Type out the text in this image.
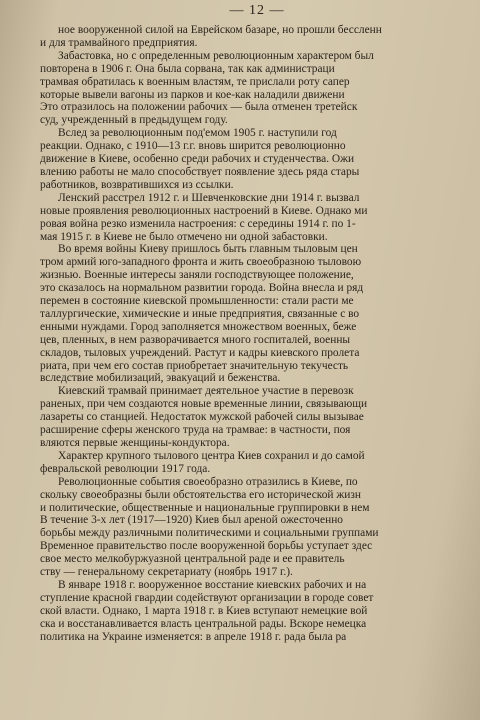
— 12 —
ное вооруженной силой на Еврейском базаре, но прошли бессленн
и для трамвайного предприятия.
Забастовка, но с определенным революционным характером был
повторена в 1906 г. Она была сорвана, так как администраци
трамвая обратилась к военным властям, те прислали роту сапер
которые вывели вагоны из парков и кое-как наладили движени
Это отразилось на положении рабочих — была отменен третейск
суд, учрежденный в предыдущем году.
Вслед за революционным под'емом 1905 г. наступили год
реакции. Однако, с 1910—13 г.г. вновь ширится революционно
движение в Киеве, особенно среди рабочих и студенчества. Ожи
влению работы не мало способствует появление здесь ряда стары
работников, возвратившихся из ссылки.
Ленский расстрел 1912 г. и Шевченковские дни 1914 г. вызвал
новые проявления революционных настроений в Киеве. Однако ми
ровая война резко изменила настроения: с середины 1914 г. по 1-
мая 1915 г. в Киеве не было отмечено ни одной забастовки.
Во время войны Киеву пришлось быть главным тыловым цен
тром армий юго-западного фронта и жить своеобразною тыловою
жизнью. Военные интересы заняли господствующее положение,
это сказалось на нормальном развитии города. Война внесла и ряд
перемен в состояние киевской промышленности: стали расти ме
таллургические, химические и иные предприятия, связанные с во
енными нуждами. Город заполняется множеством военных, беже
цев, пленных, в нем разворачивается много госпиталей, военны
складов, тыловых учреждений. Растут и кадры киевского пролета
риата, при чем его состав приобретает значительную текучесть
вследствие мобилизаций, эвакуаций и беженства.
Киевский трамвай принимает деятельное участие в перевозк
раненых, при чем создаются новые временные линии, связывающи
лазареты со станцией. Недостаток мужской рабочей силы вызывае
расширение сферы женского труда на трамвае: в частности, поя
вляются первые женщины-кондуктора.
Характер крупного тылового центра Киев сохранил и до самой
февральской революции 1917 года.
Революционные события своеобразно отразились в Киеве, по
скольку своеобразны были обстоятельства его исторической жизн
и политические, общественные и национальные группировки в нем
В течение 3-х лет (1917—1920) Киев был ареной ожесточенно
борьбы между различными политическими и социальными группами
Временное правительство после вооруженной борьбы уступает здес
свое место мелкобуржуазной центральной раде и ее правитель
ству — генеральному секретариату (ноябрь 1917 г.).
В январе 1918 г. вооруженное восстание киевских рабочих и на
ступление красной гвардии содействуют организации в городе совет
ской власти. Однако, 1 марта 1918 г. в Киев вступают немецкие вой
ска и восстанавливается власть центральной рады. Вскоре немецка
политика на Украине изменяется: в апреле 1918 г. рада была ра
